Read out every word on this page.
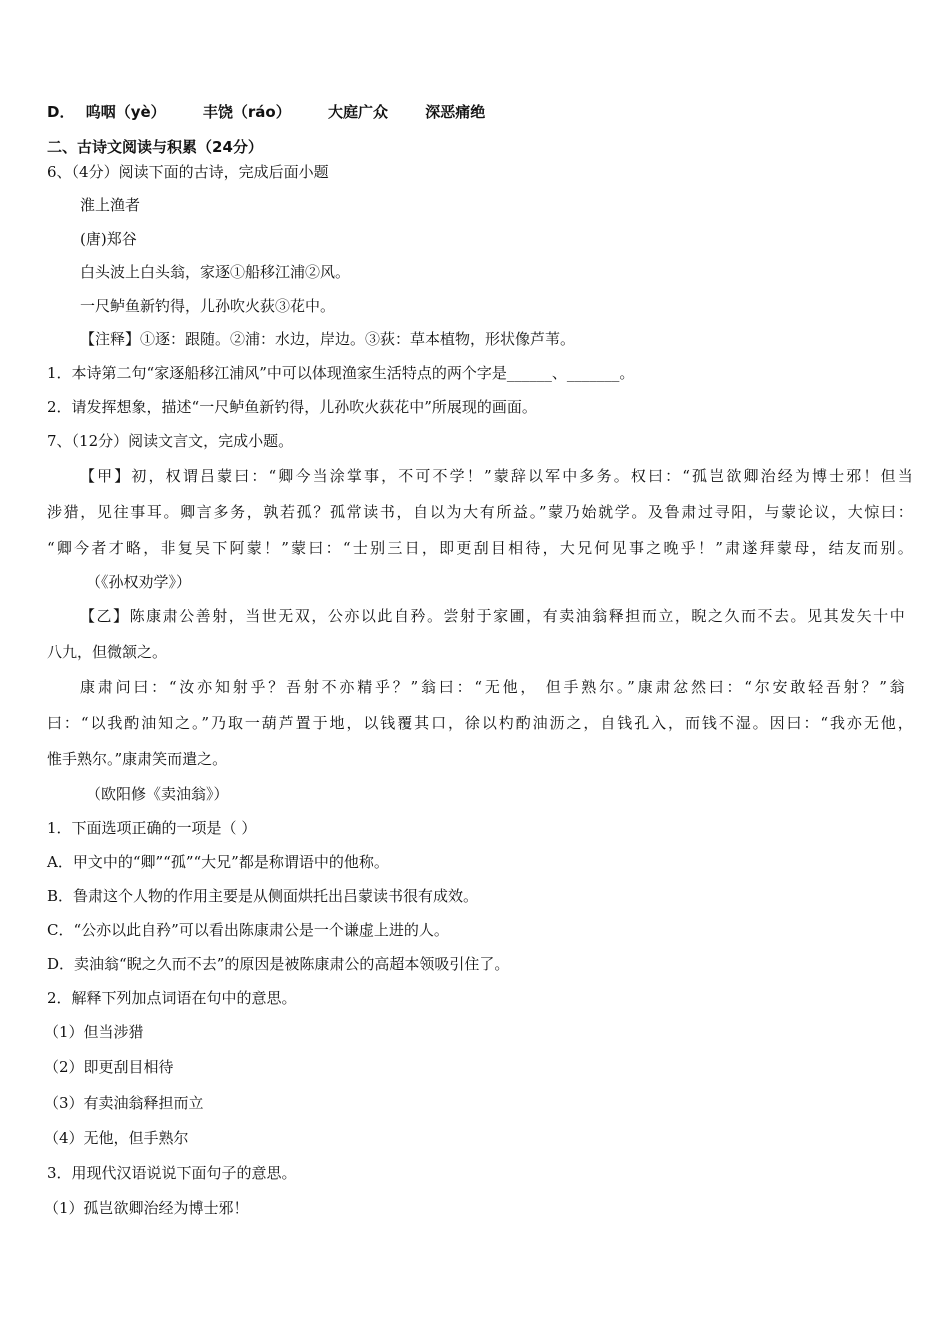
D． 呜咽（yè） 丰饶（ráo） 大庭广众 深恶痛绝
二、古诗文阅读与积累（24分）
6、（4分）阅读下面的古诗，完成后面小题
淮上渔者
(唐)郑谷
白头波上白头翁，家逐①船移江浦②风。
一尺鲈鱼新钓得，儿孙吹火荻③花中。
【注释】①逐：跟随。②浦：水边，岸边。③荻：草本植物，形状像芦苇。
1．本诗第二句“家逐船移江浦风”中可以体现渔家生活特点的两个字是______、_______。
2．请发挥想象，描述“一尺鲈鱼新钓得，儿孙吹火荻花中”所展现的画面。
7、（12分）阅读文言文，完成小题。
【甲】初，权谓吕蒙曰：“卿今当涂掌事，不可不学！”蒙辞以军中多务。权曰：“孤岂欲卿治经为博士邪！但当
涉猎，见往事耳。卿言多务，孰若孤？孤常读书，自以为大有所益。”蒙乃始就学。及鲁肃过寻阳，与蒙论议，大惊曰：
“卿今者才略，非复吴下阿蒙！”蒙曰：“士别三日，即更刮目相待，大兄何见事之晚乎！”肃遂拜蒙母，结友而别。
（《孙权劝学》）
【乙】陈康肃公善射，当世无双，公亦以此自矜。尝射于家圃，有卖油翁释担而立，睨之久而不去。见其发矢十中
八九，但微颔之。
康肃问曰：“汝亦知射乎？吾射不亦精乎？”翁曰：“无他， 但手熟尔。”康肃忿然曰：“尔安敢轻吾射？”翁
曰：“以我酌油知之。”乃取一葫芦置于地，以钱覆其口，徐以杓酌油沥之，自钱孔入，而钱不湿。因曰：“我亦无他，
惟手熟尔。”康肃笑而遣之。
（欧阳修《卖油翁》）
1．下面选项正确的一项是（ ）
A．甲文中的“卿”“孤”“大兄”都是称谓语中的他称。
B．鲁肃这个人物的作用主要是从侧面烘托出吕蒙读书很有成效。
C．“公亦以此自矜”可以看出陈康肃公是一个谦虚上进的人。
D．卖油翁“睨之久而不去”的原因是被陈康肃公的高超本领吸引住了。
2．解释下列加点词语在句中的意思。
（1）但当涉猎
（2）即更刮目相待
（3）有卖油翁释担而立
（4）无他，但手熟尔
3．用现代汉语说说下面句子的意思。
（1）孤岂欲卿治经为博士邪！
